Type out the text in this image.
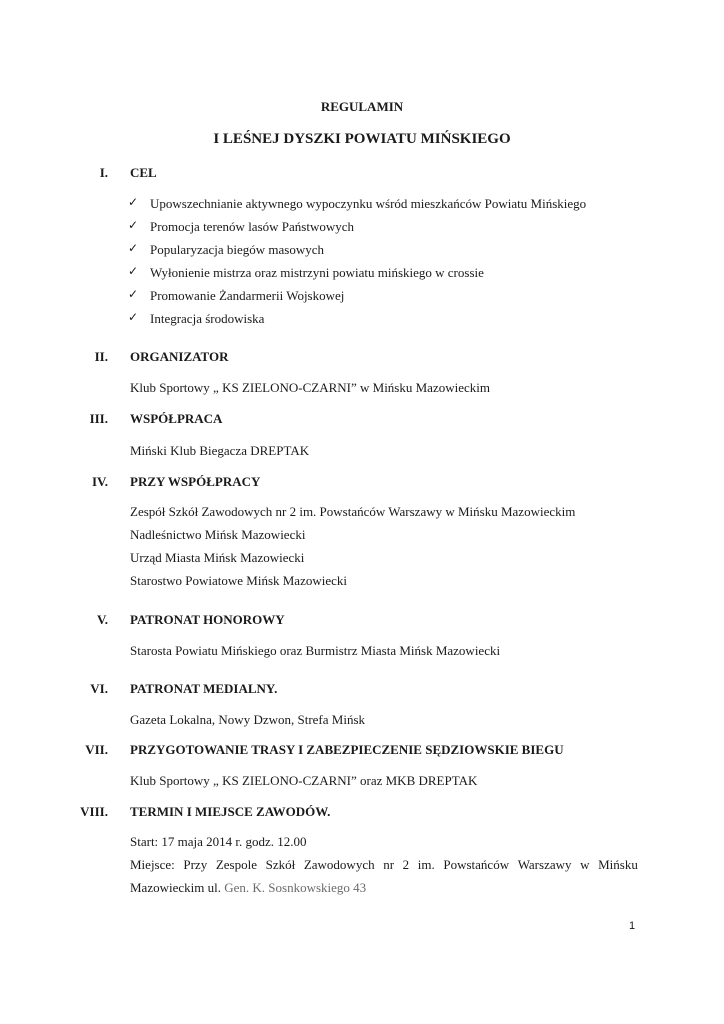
REGULAMIN
I LEŚNEJ DYSZKI POWIATU MIŃSKIEGO
I. CEL
✓ Upowszechnianie aktywnego wypoczynku wśród mieszkańców Powiatu Mińskiego
✓ Promocja terenów lasów Państwowych
✓ Popularyzacja biegów masowych
✓ Wyłonienie mistrza oraz mistrzyni powiatu mińskiego w crossie
✓ Promowanie Żandarmerii Wojskowej
✓ Integracja środowiska
II. ORGANIZATOR
Klub Sportowy „ KS ZIELONO-CZARNI” w Mińsku Mazowieckim
III. WSPÓŁPRACA
Miński Klub Biegacza DREPTAK
IV. PRZY WSPÓŁPRACY
Zespół Szkół Zawodowych nr 2 im. Powstańców Warszawy w Mińsku Mazowieckim
Nadleśnictwo Mińsk Mazowiecki
Urząd Miasta Mińsk Mazowiecki
Starostwo Powiatowe Mińsk Mazowiecki
V. PATRONAT HONOROWY
Starosta Powiatu Mińskiego oraz Burmistrz Miasta Mińsk Mazowiecki
VI. PATRONAT MEDIALNY.
Gazeta Lokalna, Nowy Dzwon, Strefa Mińsk
VII. PRZYGOTOWANIE TRASY I ZABEZPIECZENIE SĘDZIOWSKIE BIEGU
Klub Sportowy „ KS ZIELONO-CZARNI” oraz MKB DREPTAK
VIII. TERMIN I MIEJSCE ZAWODÓW.
Start: 17 maja 2014 r. godz. 12.00
Miejsce: Przy Zespole Szkół Zawodowych nr 2 im. Powstańców Warszawy w Mińsku
Mazowieckim ul. Gen. K. Sosnkowskiego 43
1
